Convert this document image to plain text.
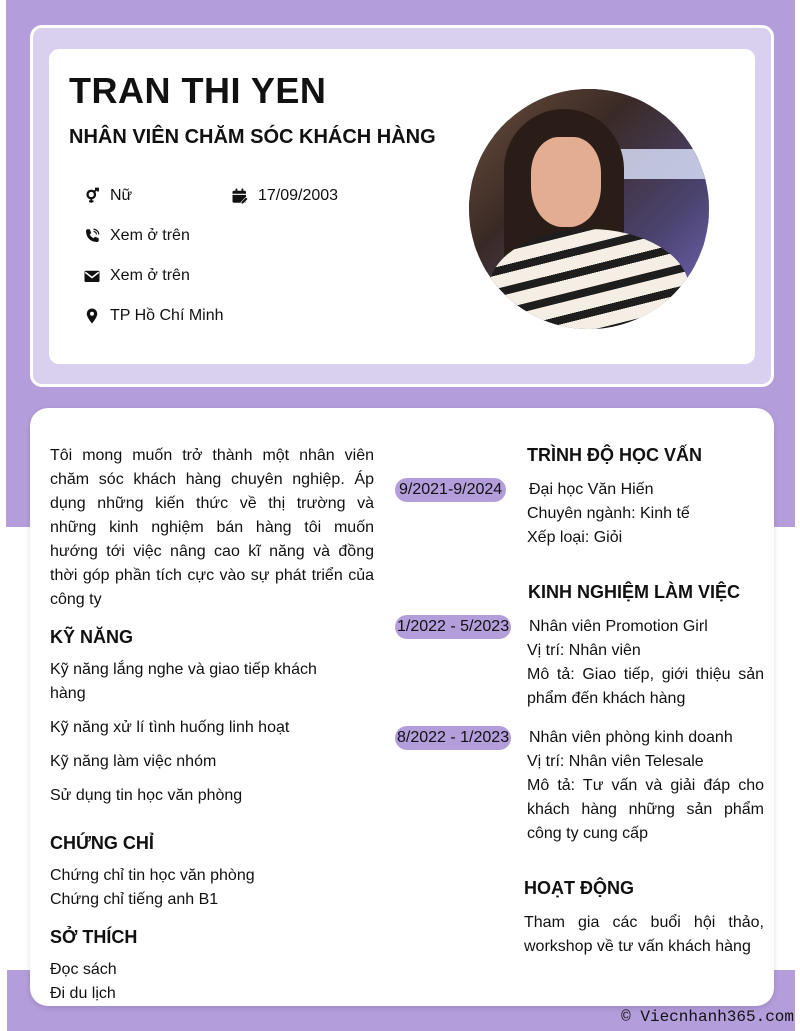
TRAN THI YEN
NHÂN VIÊN CHĂM SÓC KHÁCH HÀNG
Nữ	17/09/2003
Xem ở trên
Xem ở trên
TP Hồ Chí Minh
Tôi mong muốn trở thành một nhân viên chăm sóc khách hàng chuyên nghiệp. Áp dụng những kiến thức về thị trường và những kinh nghiệm bán hàng tôi muốn hướng tới việc nâng cao kĩ năng và đồng thời góp phần tích cực vào sự phát triển của công ty
KỸ NĂNG
Kỹ năng lắng nghe và giao tiếp khách hàng
Kỹ năng xử lí tình huống linh hoạt
Kỹ năng làm việc nhóm
Sử dụng tin học văn phòng
CHỨNG CHỈ
Chứng chỉ tin học văn phòng
Chứng chỉ tiếng anh B1
SỞ THÍCH
Đọc sách
Đi du lịch
TRÌNH ĐỘ HỌC VẤN
9/2021-9/2024 Đại học Văn Hiến
Chuyên ngành: Kinh tế
Xếp loại: Giỏi
KINH NGHIỆM LÀM VIỆC
1/2022 - 5/2023 Nhân viên Promotion Girl
Vị trí: Nhân viên
Mô tả: Giao tiếp, giới thiệu sản phẩm đến khách hàng
8/2022 - 1/2023 Nhân viên phòng kinh doanh
Vị trí: Nhân viên Telesale
Mô tả: Tư vấn và giải đáp cho khách hàng những sản phẩm công ty cung cấp
HOẠT ĐỘNG
Tham gia các buổi hội thảo, workshop về tư vấn khách hàng
© Viecnhanh365.com
